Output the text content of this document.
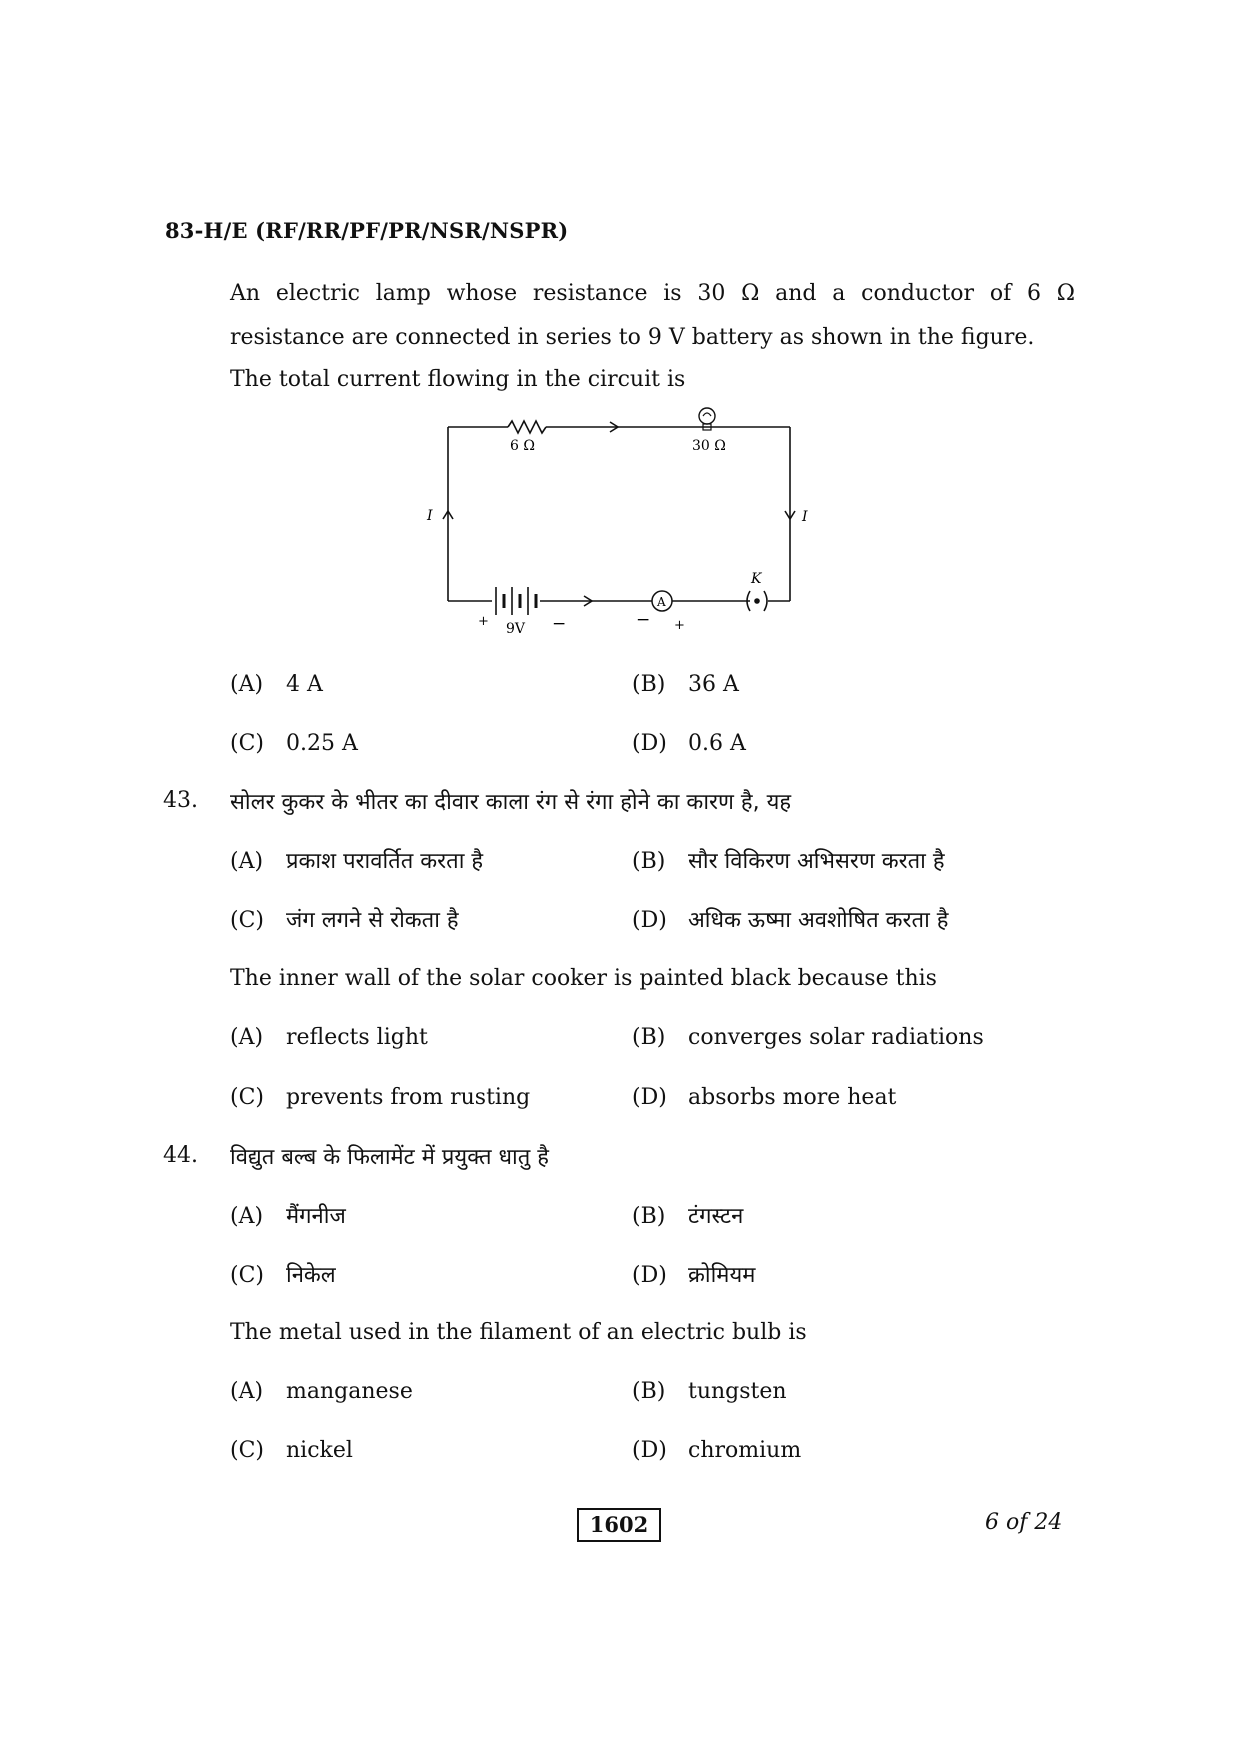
83-H/E (RF/RR/PF/PR/NSR/NSPR)
An electric lamp whose resistance is 30 Ω and a conductor of 6 Ω resistance are connected in series to 9 V battery as shown in the figure.
The total current flowing in the circuit is
6 Ω	30 Ω
I	I
9V
+	−
A
− +
K
(A) 4 A	(B) 36 A
(C) 0.25 A	(D) 0.6 A
43. सोलर कुकर के भीतर का दीवार काला रंग से रंगा होने का कारण है, यह
(A) प्रकाश परावर्तित करता है	(B) सौर विकिरण अभिसरण करता है
(C) जंग लगने से रोकता है	(D) अधिक ऊष्मा अवशोषित करता है
The inner wall of the solar cooker is painted black because this
(A) reflects light	(B) converges solar radiations
(C) prevents from rusting	(D) absorbs more heat
44. विद्युत बल्ब के फिलामेंट में प्रयुक्त धातु है
(A) मैंगनीज	(B) टंगस्टन
(C) निकेल	(D) क्रोमियम
The metal used in the filament of an electric bulb is
(A) manganese	(B) tungsten
(C) nickel	(D) chromium
1602	6 of 24
